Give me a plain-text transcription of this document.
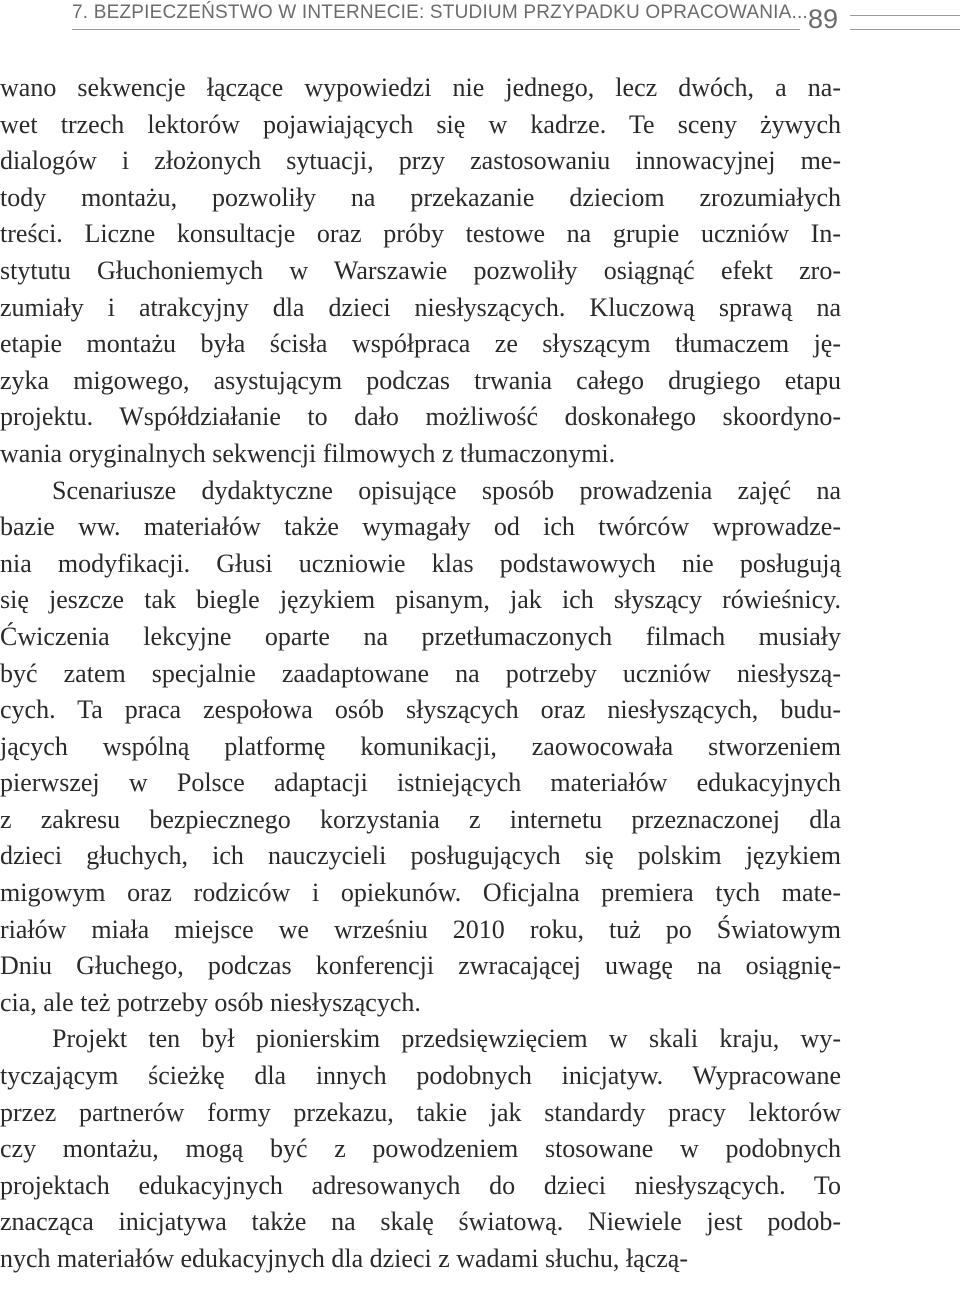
7. BEZPIECZEŃSTWO W INTERNECIE: STUDIUM PRZYPADKU OPRACOWANIA... 89

wano sekwencje łączące wypowiedzi nie jednego, lecz dwóch, a na-
wet trzech lektorów pojawiających się w kadrze. Te sceny żywych
dialogów i złożonych sytuacji, przy zastosowaniu innowacyjnej me-
tody montażu, pozwoliły na przekazanie dzieciom zrozumiałych
treści. Liczne konsultacje oraz próby testowe na grupie uczniów In-
stytutu Głuchoniemych w Warszawie pozwoliły osiągnąć efekt zro-
zumiały i atrakcyjny dla dzieci niesłyszących. Kluczową sprawą na
etapie montażu była ścisła współpraca ze słyszącym tłumaczem ję-
zyka migowego, asystującym podczas trwania całego drugiego etapu
projektu. Współdziałanie to dało możliwość doskonałego skoordyno-
wania oryginalnych sekwencji filmowych z tłumaczonymi.

Scenariusze dydaktyczne opisujące sposób prowadzenia zajęć na
bazie ww. materiałów także wymagały od ich twórców wprowadze-
nia modyfikacji. Głusi uczniowie klas podstawowych nie posługują
się jeszcze tak biegle językiem pisanym, jak ich słyszący rówieśnicy.
Ćwiczenia lekcyjne oparte na przetłumaczonych filmach musiały
być zatem specjalnie zaadaptowane na potrzeby uczniów niesłyszą-
cych. Ta praca zespołowa osób słyszących oraz niesłyszących, budu-
jących wspólną platformę komunikacji, zaowocowała stworzeniem
pierwszej w Polsce adaptacji istniejących materiałów edukacyjnych
z zakresu bezpiecznego korzystania z internetu przeznaczonej dla
dzieci głuchych, ich nauczycieli posługujących się polskim językiem
migowym oraz rodziców i opiekunów. Oficjalna premiera tych mate-
riałów miała miejsce we wrześniu 2010 roku, tuż po Światowym
Dniu Głuchego, podczas konferencji zwracającej uwagę na osiągnię-
cia, ale też potrzeby osób niesłyszących.

Projekt ten był pionierskim przedsięwzięciem w skali kraju, wy-
tyczającym ścieżkę dla innych podobnych inicjatyw. Wypracowane
przez partnerów formy przekazu, takie jak standardy pracy lektorów
czy montażu, mogą być z powodzeniem stosowane w podobnych
projektach edukacyjnych adresowanych do dzieci niesłyszących. To
znacząca inicjatywa także na skalę światową. Niewiele jest podob-
nych materiałów edukacyjnych dla dzieci z wadami słuchu, łączą-
